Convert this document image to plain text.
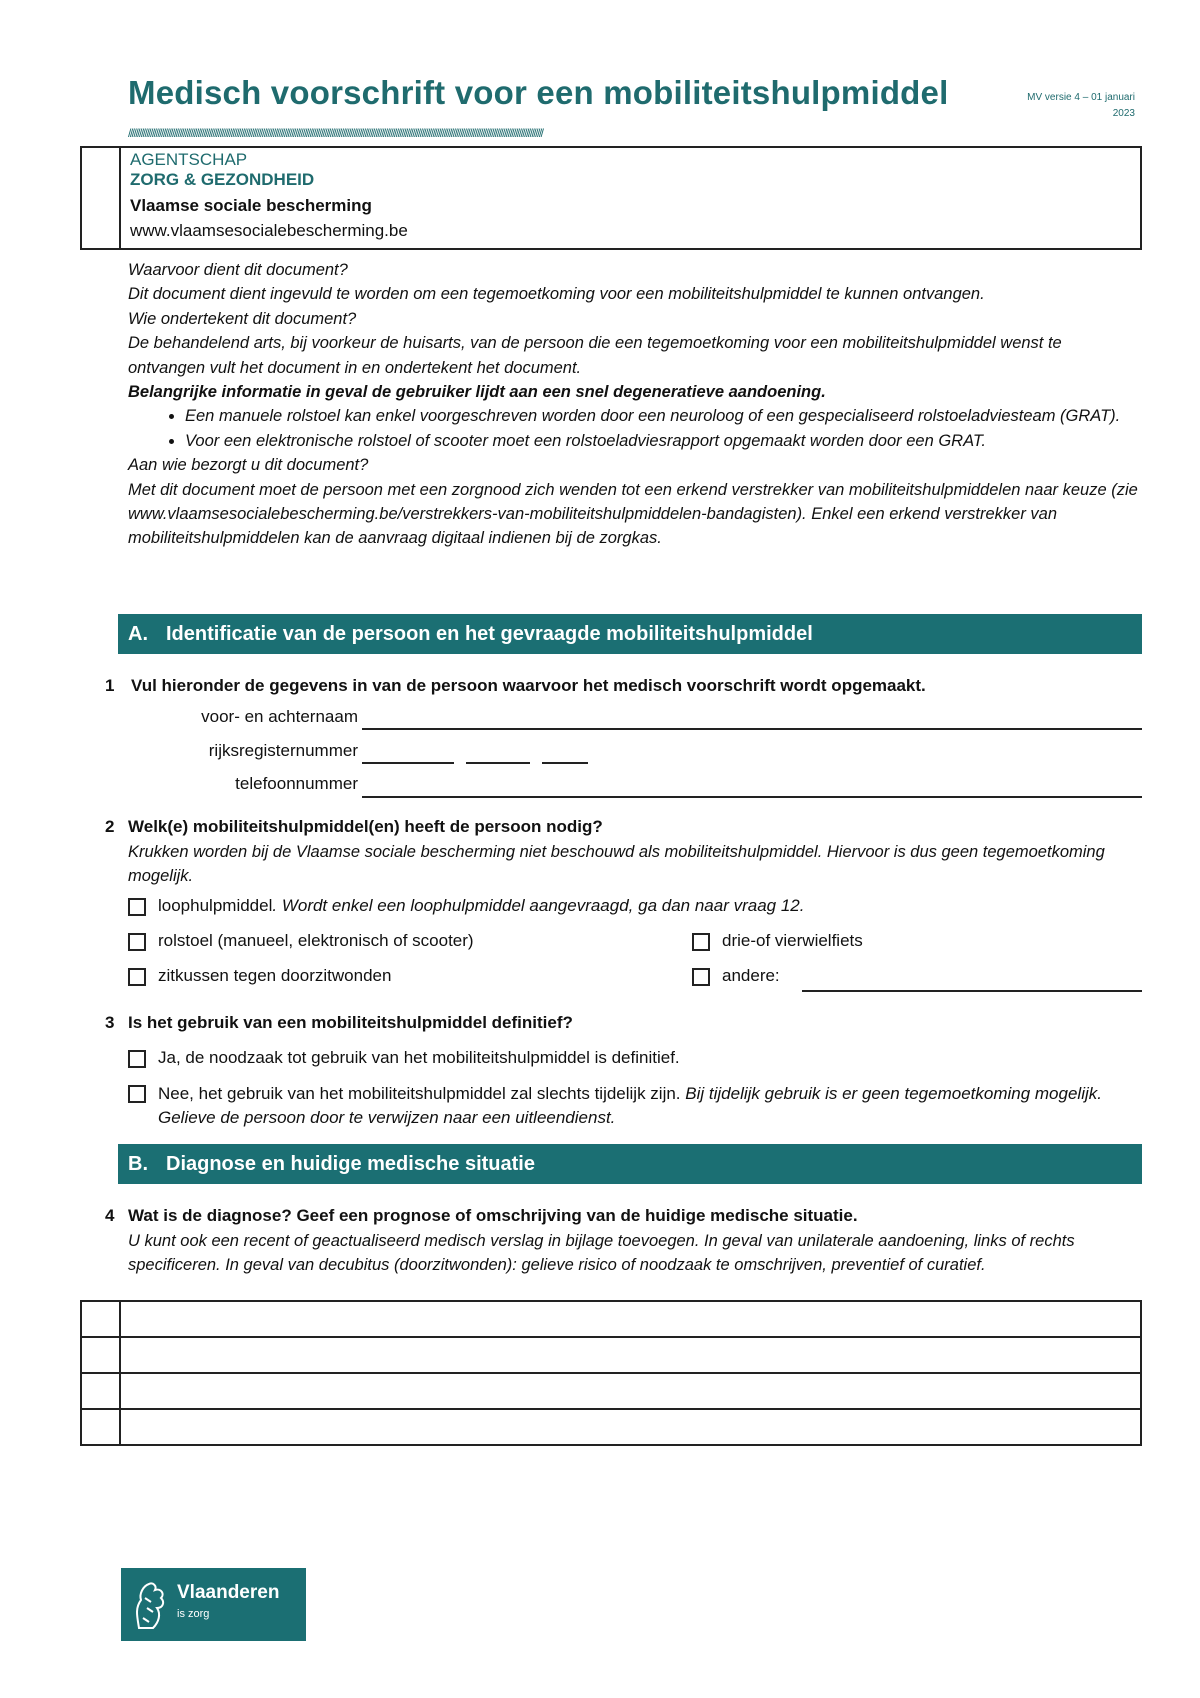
Medisch voorschrift voor een mobiliteitshulpmiddel	MV versie 4 – 01 januari
2023
//////////////////////////////////////////////////////////////////////////////////////////////////////////////////////////////////////////////////////////////////////////////////////////////////////////////////////////////////
AGENTSCHAP
ZORG & GEZONDHEID
Vlaamse sociale bescherming
www.vlaamsesocialebescherming.be

Waarvoor dient dit document?

Dit document dient ingevuld te worden om een tegemoetkoming voor een mobiliteitshulpmiddel te kunnen ontvangen.

Wie ondertekent dit document?

De behandelend arts, bij voorkeur de huisarts, van de persoon die een tegemoetkoming voor een mobiliteitshulpmiddel wenst te ontvangen vult het document in en ondertekent het document.

Belangrijke informatie in geval de gebruiker lijdt aan een snel degeneratieve aandoening.

• Een manuele rolstoel kan enkel voorgeschreven worden door een neuroloog of een gespecialiseerd rolstoeladviesteam (GRAT).
• Voor een elektronische rolstoel of scooter moet een rolstoeladviesrapport opgemaakt worden door een GRAT.

Aan wie bezorgt u dit document?

Met dit document moet de persoon met een zorgnood zich wenden tot een erkend verstrekker van mobiliteitshulpmiddelen naar keuze (zie www.vlaamsesocialebescherming.be/verstrekkers-van-mobiliteitshulpmiddelen-bandagisten). Enkel een erkend verstrekker van mobiliteitshulpmiddelen kan de aanvraag digitaal indienen bij de zorgkas.

A. Identificatie van de persoon en het gevraagde mobiliteitshulpmiddel
1 Vul hieronder de gegevens in van de persoon waarvoor het medisch voorschrift wordt opgemaakt.
voor- en achternaam
rijksregisternummer
telefoonnummer
2 Welk(e) mobiliteitshulpmiddel(en) heeft de persoon nodig?
Krukken worden bij de Vlaamse sociale bescherming niet beschouwd als mobiliteitshulpmiddel. Hiervoor is dus geen tegemoetkoming mogelijk.
loophulpmiddel. Wordt enkel een loophulpmiddel aangevraagd, ga dan naar vraag 12.
rolstoel (manueel, elektronisch of scooter)	drie-of vierwielfiets
zitkussen tegen doorzitwonden	andere:
3 Is het gebruik van een mobiliteitshulpmiddel definitief?
Ja, de noodzaak tot gebruik van het mobiliteitshulpmiddel is definitief.
Nee, het gebruik van het mobiliteitshulpmiddel zal slechts tijdelijk zijn. Bij tijdelijk gebruik is er geen tegemoetkoming mogelijk. Gelieve de persoon door te verwijzen naar een uitleendienst.
B. Diagnose en huidige medische situatie
4 Wat is de diagnose? Geef een prognose of omschrijving van de huidige medische situatie.
U kunt ook een recent of geactualiseerd medisch verslag in bijlage toevoegen. In geval van unilaterale aandoening, links of rechts specificeren. In geval van decubitus (doorzitwonden): gelieve risico of noodzaak te omschrijven, preventief of curatief.
Vlaanderen
is zorg
